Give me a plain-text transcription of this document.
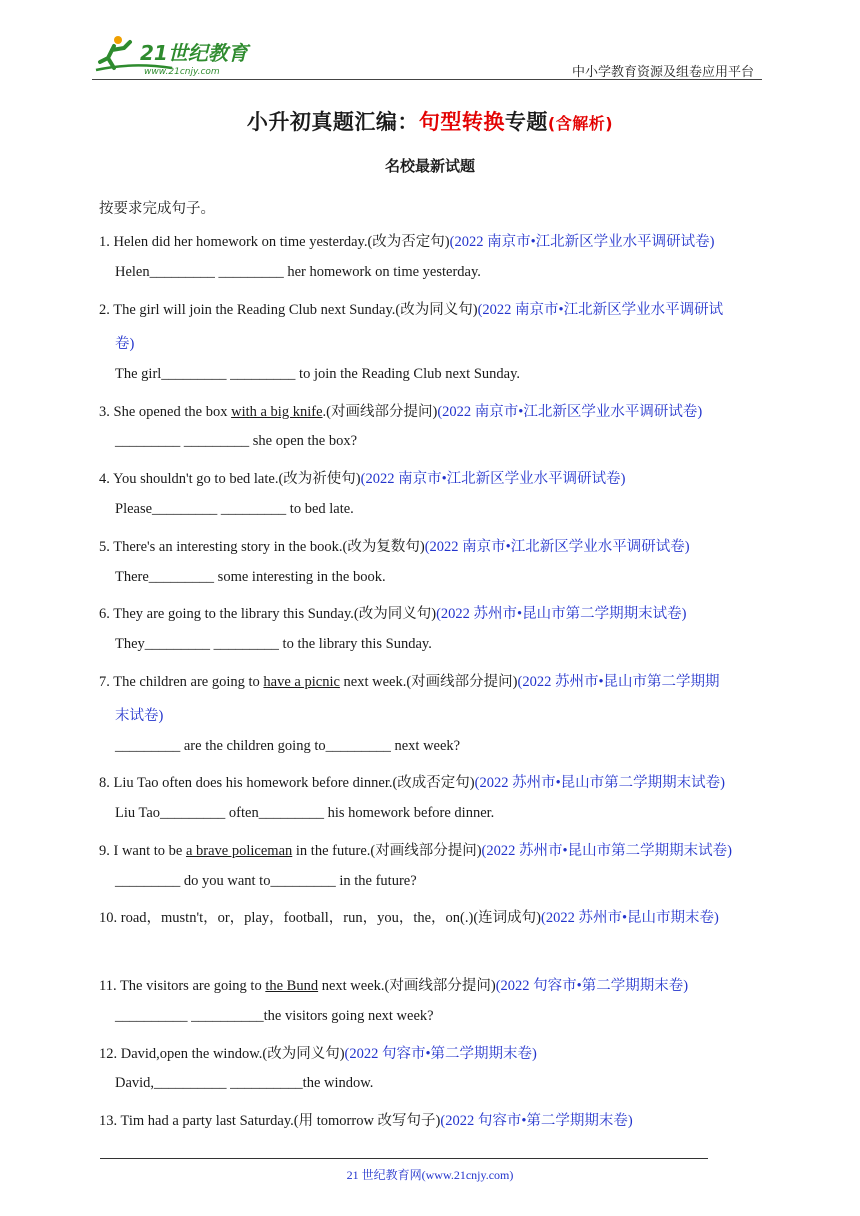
21世纪教育
www.21cnjy.com	中小学教育资源及组卷应用平台
小升初真题汇编：句型转换专题(含解析)
名校最新试题
按要求完成句子。
1. Helen did her homework on time yesterday.(改为否定句)(2022 南京市•江北新区学业水平调研试卷)
Helen_________ _________ her homework on time yesterday.
2. The girl will join the Reading Club next Sunday.(改为同义句)(2022 南京市•江北新区学业水平调研试
卷)
The girl_________ _________ to join the Reading Club next Sunday.
3. She opened the box with a big knife.(对画线部分提问)(2022 南京市•江北新区学业水平调研试卷)
_________ _________ she open the box?
4. You shouldn't go to bed late.(改为祈使句)(2022 南京市•江北新区学业水平调研试卷)
Please_________ _________ to bed late.
5. There's an interesting story in the book.(改为复数句)(2022 南京市•江北新区学业水平调研试卷)
There_________ some interesting in the book.
6. They are going to the library this Sunday.(改为同义句)(2022 苏州市•昆山市第二学期期末试卷)
They_________ _________ to the library this Sunday.
7. The children are going to have a picnic next week.(对画线部分提问)(2022 苏州市•昆山市第二学期期
末试卷)
_________ are the children going to_________ next week?
8. Liu Tao often does his homework before dinner.(改成否定句)(2022 苏州市•昆山市第二学期期末试卷)
Liu Tao_________ often_________ his homework before dinner.
9. I want to be a brave policeman in the future.(对画线部分提问)(2022 苏州市•昆山市第二学期期末试卷)
_________ do you want to_________ in the future?
10. road，mustn't，or，play，football，run，you，the，on(.)(连词成句)(2022 苏州市•昆山市期末卷)
11. The visitors are going to the Bund next week.(对画线部分提问)(2022 句容市•第二学期期末卷)
__________ __________the visitors going next week?
12. David,open the window.(改为同义句)(2022 句容市•第二学期期末卷)
David,__________ __________the window.
13. Tim had a party last Saturday.(用 tomorrow 改写句子)(2022 句容市•第二学期期末卷)
21 世纪教育网(www.21cnjy.com)
